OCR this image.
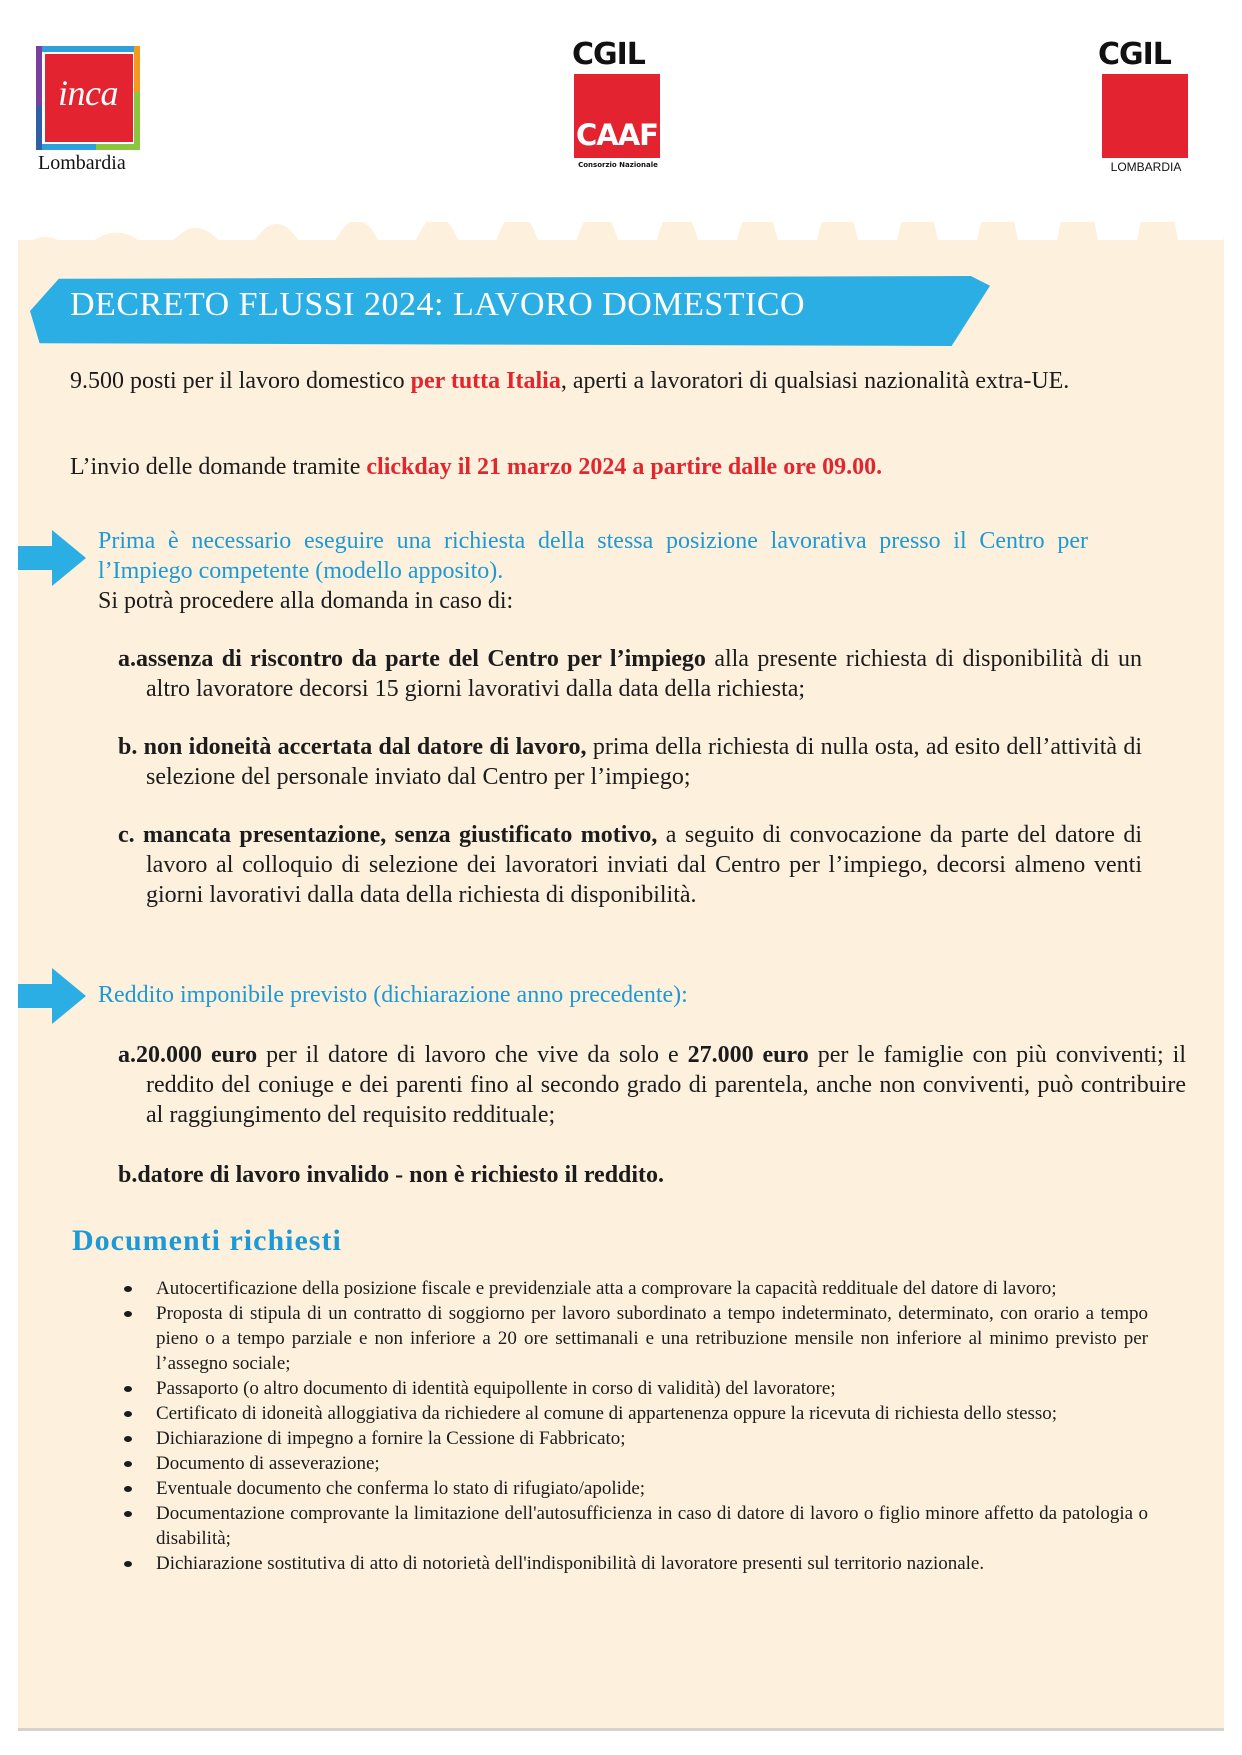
inca
Lombardia
CGIL
CAAF
Consorzio Nazionale
CGIL
LOMBARDIA
DECRETO FLUSSI 2024: LAVORO DOMESTICO
9.500 posti per il lavoro domestico per tutta Italia, aperti a lavoratori di qualsiasi nazionalità extra-UE.
L’invio delle domande tramite clickday il 21 marzo 2024 a partire dalle ore 09.00.
Prima è necessario eseguire una richiesta della stessa posizione lavorativa presso il Centro per l’Impiego competente (modello apposito).
Si potrà procedere alla domanda in caso di:
a.assenza di riscontro da parte del Centro per l’impiego alla presente richiesta di disponibilità di un altro lavoratore decorsi 15 giorni lavorativi dalla data della richiesta;
b. non idoneità accertata dal datore di lavoro, prima della richiesta di nulla osta, ad esito dell’attività di selezione del personale inviato dal Centro per l’impiego;
c. mancata presentazione, senza giustificato motivo, a seguito di convocazione da parte del datore di lavoro al colloquio di selezione dei lavoratori inviati dal Centro per l’impiego, decorsi almeno venti giorni lavorativi dalla data della richiesta di disponibilità.
Reddito imponibile previsto (dichiarazione anno precedente):
a.20.000 euro per il datore di lavoro che vive da solo e 27.000 euro per le famiglie con più conviventi; il reddito del coniuge e dei parenti fino al secondo grado di parentela, anche non conviventi, può contribuire al raggiungimento del requisito reddituale;
b.datore di lavoro invalido - non è richiesto il reddito.
Documenti richiesti
Autocertificazione della posizione fiscale e previdenziale atta a comprovare la capacità reddituale del datore di lavoro;
Proposta di stipula di un contratto di soggiorno per lavoro subordinato a tempo indeterminato, determinato, con orario a tempo pieno o a tempo parziale e non inferiore a 20 ore settimanali e una retribuzione mensile non inferiore al minimo previsto per l’assegno sociale;
Passaporto (o altro documento di identità equipollente in corso di validità) del lavoratore;
Certificato di idoneità alloggiativa da richiedere al comune di appartenenza oppure la ricevuta di richiesta dello stesso;
Dichiarazione di impegno a fornire la Cessione di Fabbricato;
Documento di asseverazione;
Eventuale documento che conferma lo stato di rifugiato/apolide;
Documentazione comprovante la limitazione dell'autosufficienza in caso di datore di lavoro o figlio minore affetto da patologia o disabilità;
Dichiarazione sostitutiva di atto di notorietà dell'indisponibilità di lavoratore presenti sul territorio nazionale.
